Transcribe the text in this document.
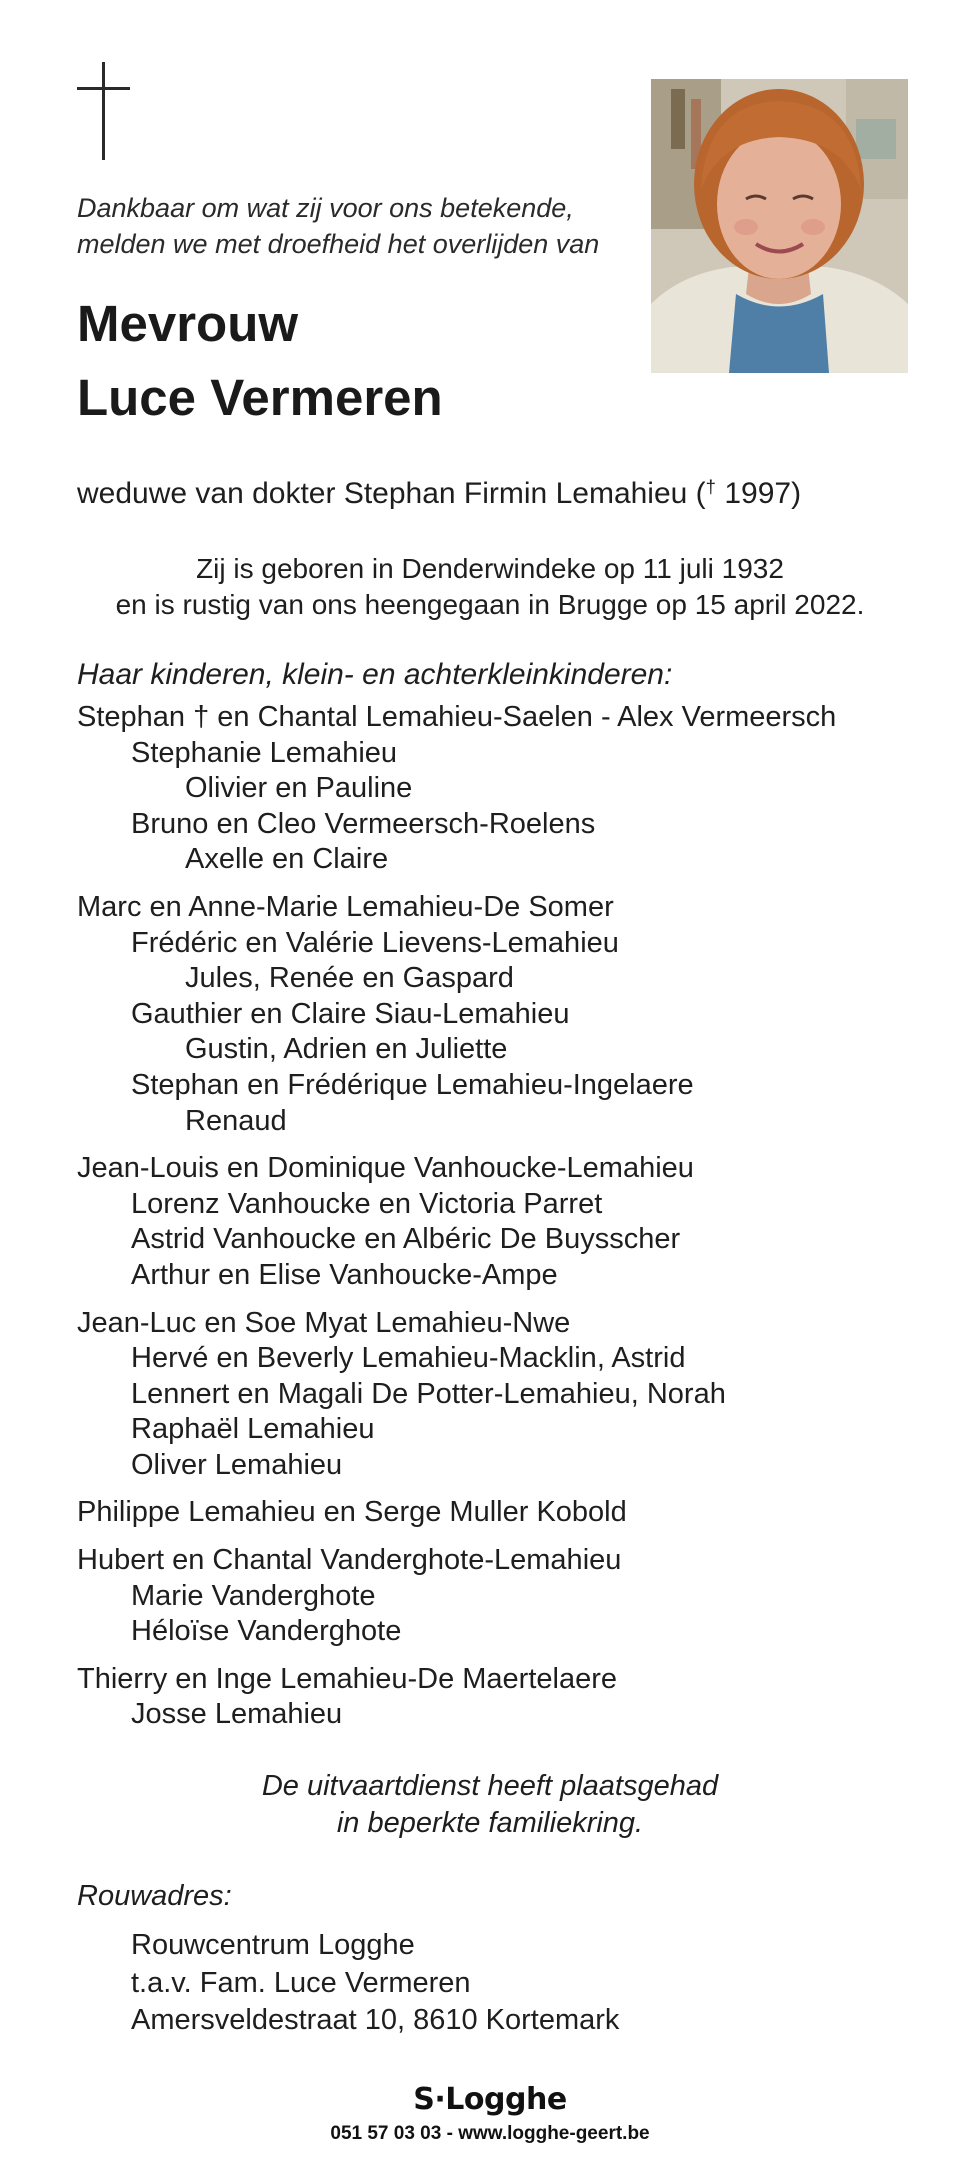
Dankbaar om wat zij voor ons betekende,
melden we met droefheid het overlijden van
Mevrouw
Luce Vermeren
weduwe van dokter Stephan Firmin Lemahieu († 1997)
Zij is geboren in Denderwindeke op 11 juli 1932
en is rustig van ons heengegaan in Brugge op 15 april 2022.
Haar kinderen, klein- en achterkleinkinderen:
Stephan † en Chantal Lemahieu-Saelen - Alex Vermeersch
Stephanie Lemahieu
Olivier en Pauline
Bruno en Cleo Vermeersch-Roelens
Axelle en Claire
Marc en Anne-Marie Lemahieu-De Somer
Frédéric en Valérie Lievens-Lemahieu
Jules, Renée en Gaspard
Gauthier en Claire Siau-Lemahieu
Gustin, Adrien en Juliette
Stephan en Frédérique Lemahieu-Ingelaere
Renaud
Jean-Louis en Dominique Vanhoucke-Lemahieu
Lorenz Vanhoucke en Victoria Parret
Astrid Vanhoucke en Albéric De Buysscher
Arthur en Elise Vanhoucke-Ampe
Jean-Luc en Soe Myat Lemahieu-Nwe
Hervé en Beverly Lemahieu-Macklin, Astrid
Lennert en Magali De Potter-Lemahieu, Norah
Raphaël Lemahieu
Oliver Lemahieu
Philippe Lemahieu en Serge Muller Kobold
Hubert en Chantal Vanderghote-Lemahieu
Marie Vanderghote
Héloïse Vanderghote
Thierry en Inge Lemahieu-De Maertelaere
Josse Lemahieu
De uitvaartdienst heeft plaatsgehad
in beperkte familiekring.
Rouwadres:
Rouwcentrum Logghe
t.a.v. Fam. Luce Vermeren
Amersveldestraat 10, 8610 Kortemark
S·Logghe
051 57 03 03 - www.logghe-geert.be
